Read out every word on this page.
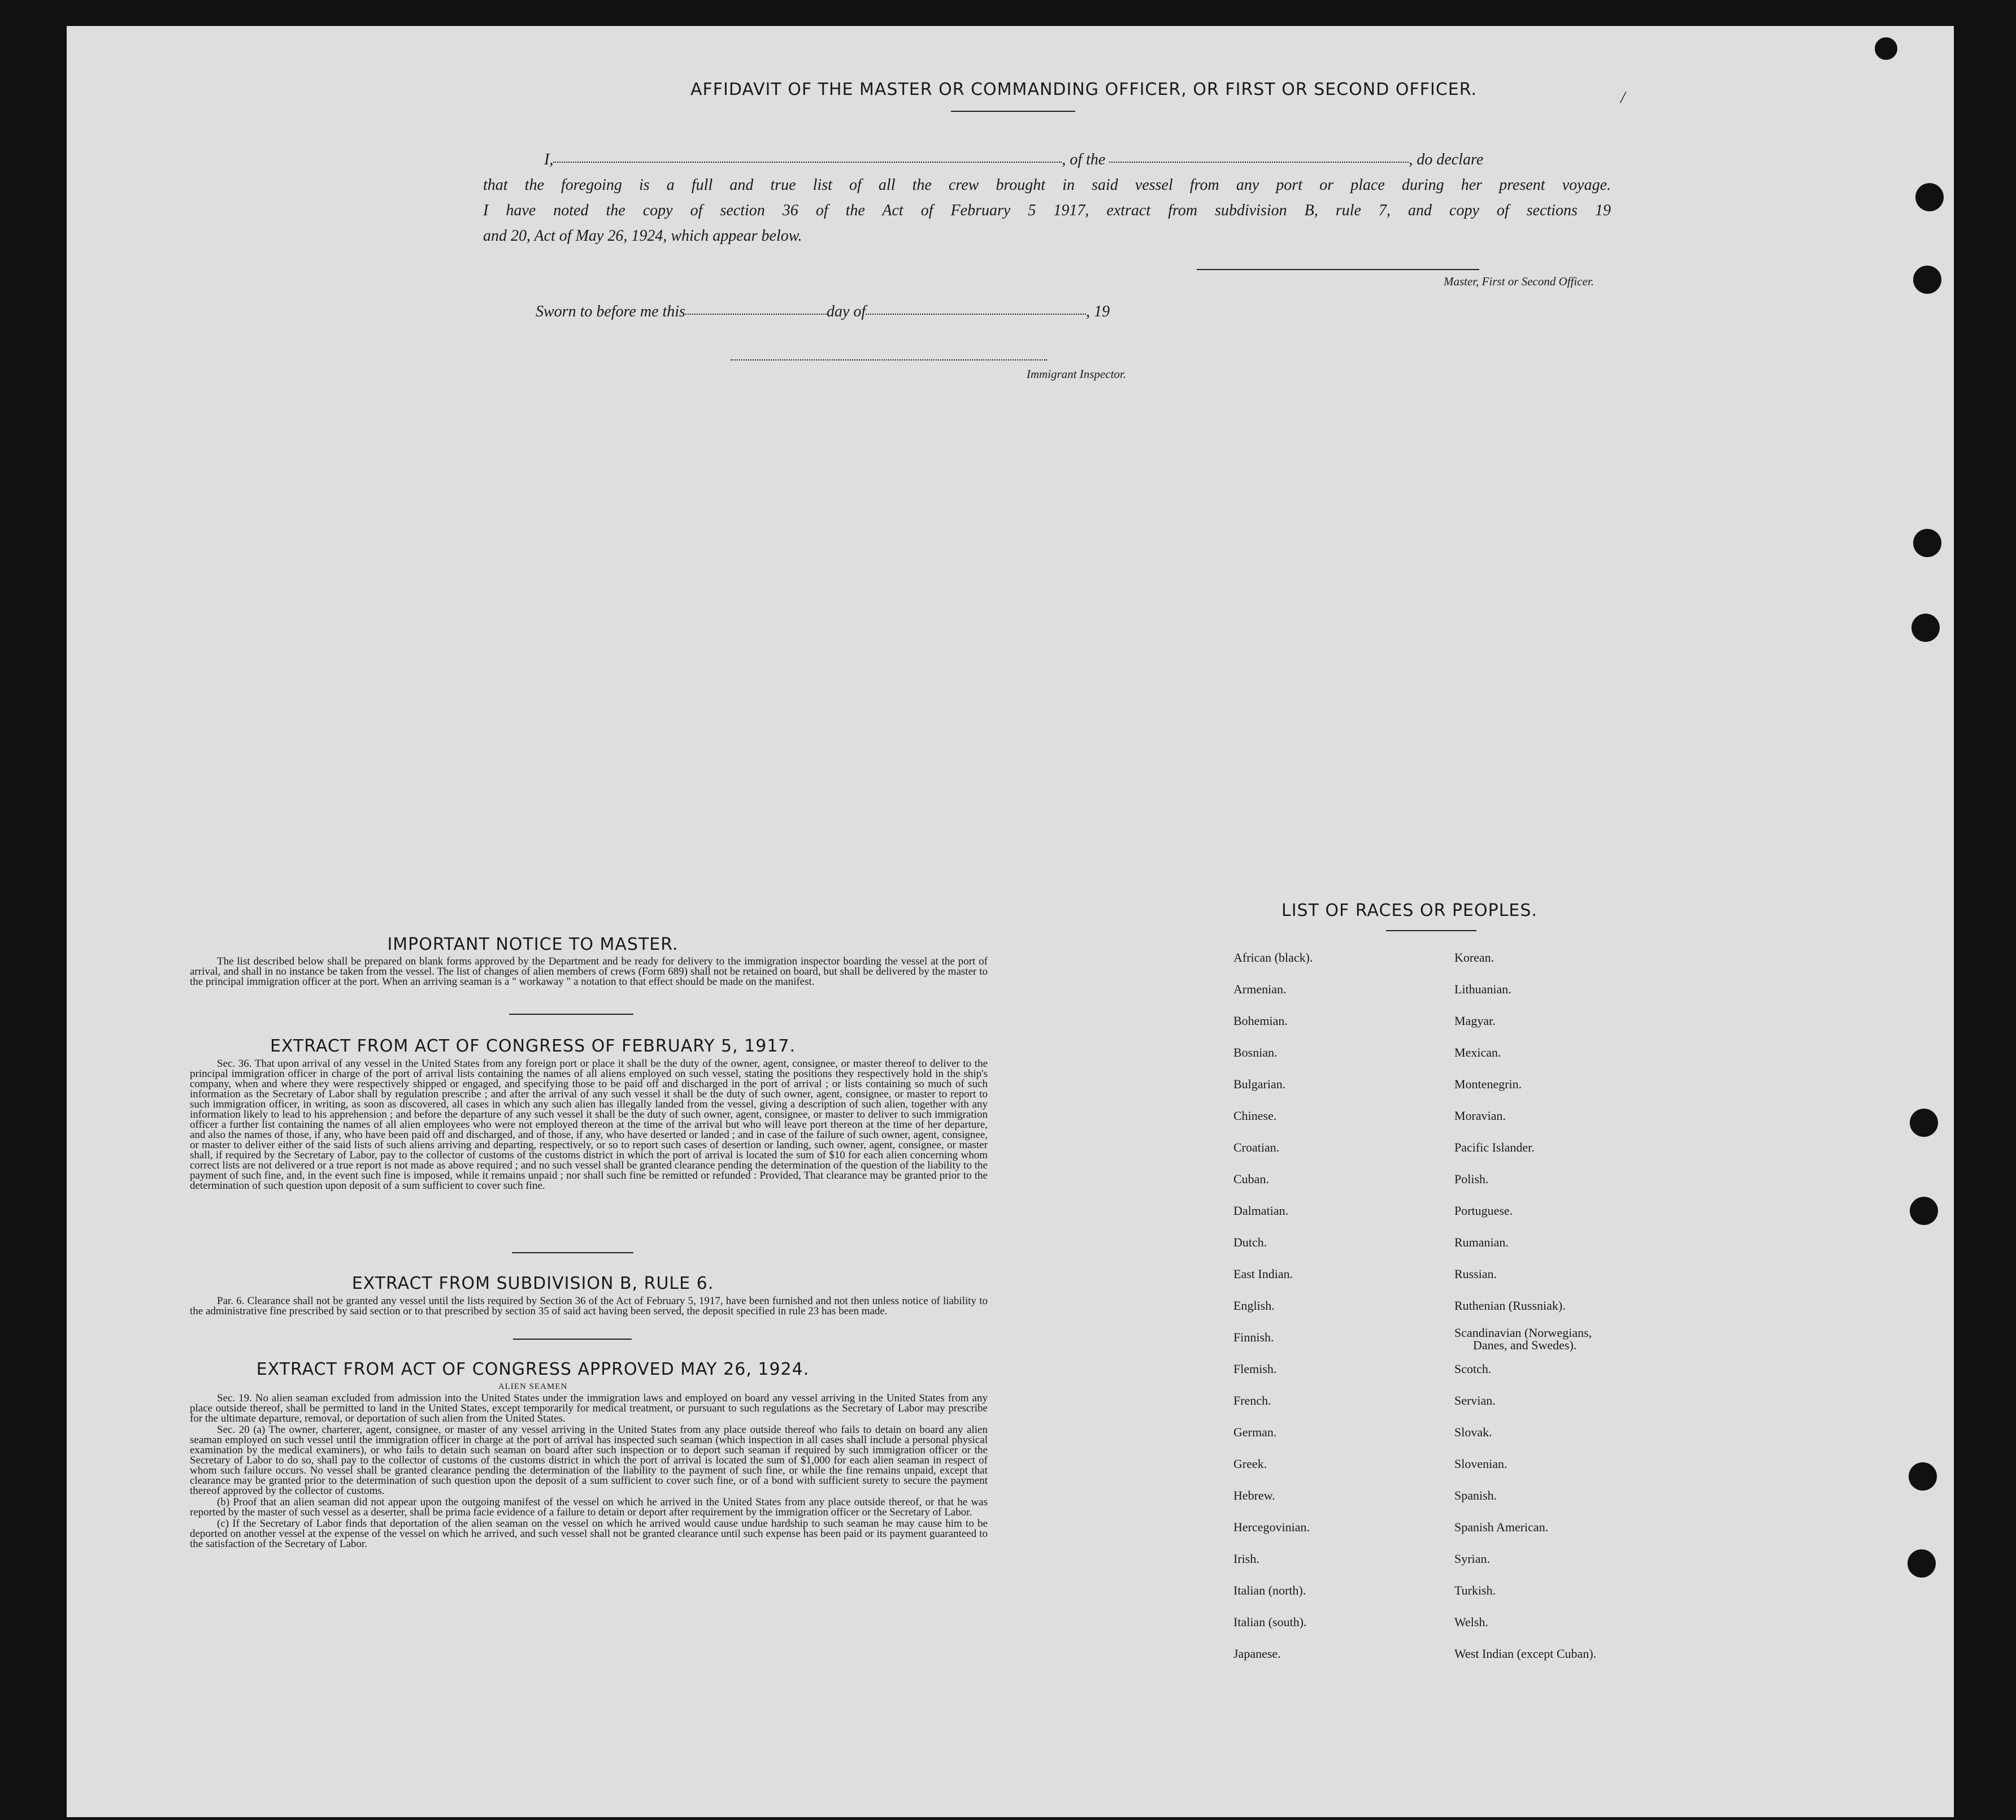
AFFIDAVIT OF THE MASTER OR COMMANDING OFFICER, OR FIRST OR SECOND OFFICER.	/

I,	, of the	, do declare

that the foregoing is a full and true list of all the crew brought in said vessel from any port or place during her present voyage.

I have noted the copy of section 36 of the Act of February 5 1917, extract from subdivision B, rule 7, and copy of sections 19

and 20, Act of May 26, 1924, which appear below.

Master, First or Second Officer.
Sworn to before me this	day of	, 19
Immigrant Inspector.
IMPORTANT NOTICE TO MASTER.

The list described below shall be prepared on blank forms approved by the Department and be ready for delivery to the immigration inspector boarding the vessel at the port of arrival, and shall in no instance be taken from the vessel. The list of changes of alien members of crews (Form 689) shall not be retained on board, but shall be delivered by the master to the principal immigration officer at the port. When an arriving seaman is a " workaway " a notation to that effect should be made on the manifest.

EXTRACT FROM ACT OF CONGRESS OF FEBRUARY 5, 1917.

Sec. 36. That upon arrival of any vessel in the United States from any foreign port or place it shall be the duty of the owner, agent, consignee, or master thereof to deliver to the principal immigration officer in charge of the port of arrival lists containing the names of all aliens employed on such vessel, stating the positions they respectively hold in the ship's company, when and where they were respectively shipped or engaged, and specifying those to be paid off and discharged in the port of arrival ; or lists containing so much of such information as the Secretary of Labor shall by regulation prescribe ; and after the arrival of any such vessel it shall be the duty of such owner, agent, consignee, or master to report to such immigration officer, in writing, as soon as discovered, all cases in which any such alien has illegally landed from the vessel, giving a description of such alien, together with any information likely to lead to his apprehension ; and before the departure of any such vessel it shall be the duty of such owner, agent, consignee, or master to deliver to such immigration officer a further list containing the names of all alien employees who were not employed thereon at the time of the arrival but who will leave port thereon at the time of her departure, and also the names of those, if any, who have been paid off and discharged, and of those, if any, who have deserted or landed ; and in case of the failure of such owner, agent, consignee, or master to deliver either of the said lists of such aliens arriving and departing, respectively, or so to report such cases of desertion or landing, such owner, agent, consignee, or master shall, if required by the Secretary of Labor, pay to the collector of customs of the customs district in which the port of arrival is located the sum of $10 for each alien concerning whom correct lists are not delivered or a true report is not made as above required ; and no such vessel shall be granted clearance pending the determination of the question of the liability to the payment of such fine, and, in the event such fine is imposed, while it remains unpaid ; nor shall such fine be remitted or refunded : Provided, That clearance may be granted prior to the determination of such question upon deposit of a sum sufficient to cover such fine.

EXTRACT FROM SUBDIVISION B, RULE 6.

Par. 6. Clearance shall not be granted any vessel until the lists required by Section 36 of the Act of February 5, 1917, have been furnished and not then unless notice of liability to the administrative fine prescribed by said section or to that prescribed by section 35 of said act having been served, the deposit specified in rule 23 has been made.

EXTRACT FROM ACT OF CONGRESS APPROVED MAY 26, 1924.
ALIEN SEAMEN

Sec. 19. No alien seaman excluded from admission into the United States under the immigration laws and employed on board any vessel arriving in the United States from any place outside thereof, shall be permitted to land in the United States, except temporarily for medical treatment, or pursuant to such regulations as the Secretary of Labor may prescribe for the ultimate departure, removal, or deportation of such alien from the United States.

Sec. 20 (a) The owner, charterer, agent, consignee, or master of any vessel arriving in the United States from any place outside thereof who fails to detain on board any alien seaman employed on such vessel until the immigration officer in charge at the port of arrival has inspected such seaman (which inspection in all cases shall include a personal physical examination by the medical examiners), or who fails to detain such seaman on board after such inspection or to deport such seaman if required by such immigration officer or the Secretary of Labor to do so, shall pay to the collector of customs of the customs district in which the port of arrival is located the sum of $1,000 for each alien seaman in respect of whom such failure occurs. No vessel shall be granted clearance pending the determination of the liability to the payment of such fine, or while the fine remains unpaid, except that clearance may be granted prior to the determination of such question upon the deposit of a sum sufficient to cover such fine, or of a bond with sufficient surety to secure the payment thereof approved by the collector of customs.

(b) Proof that an alien seaman did not appear upon the outgoing manifest of the vessel on which he arrived in the United States from any place outside thereof, or that he was reported by the master of such vessel as a deserter, shall be prima facie evidence of a failure to detain or deport after requirement by the immigration officer or the Secretary of Labor.

(c) If the Secretary of Labor finds that deportation of the alien seaman on the vessel on which he arrived would cause undue hardship to such seaman he may cause him to be deported on another vessel at the expense of the vessel on which he arrived, and such vessel shall not be granted clearance until such expense has been paid or its payment guaranteed to the satisfaction of the Secretary of Labor.

LIST OF RACES OR PEOPLES.
African (black).
Armenian.
Bohemian.
Bosnian.
Bulgarian.
Chinese.
Croatian.
Cuban.
Dalmatian.
Dutch.
East Indian.
English.
Finnish.
Flemish.
French.
German.
Greek.
Hebrew.
Hercegovinian.
Irish.
Italian (north).
Italian (south).
Japanese.
Korean.
Lithuanian.
Magyar.
Mexican.
Montenegrin.
Moravian.
Pacific Islander.
Polish.
Portuguese.
Rumanian.
Russian.
Ruthenian (Russniak).
Scandinavian (Norwegians,
Danes, and Swedes).
Scotch.
Servian.
Slovak.
Slovenian.
Spanish.
Spanish American.
Syrian.
Turkish.
Welsh.
West Indian (except Cuban).
